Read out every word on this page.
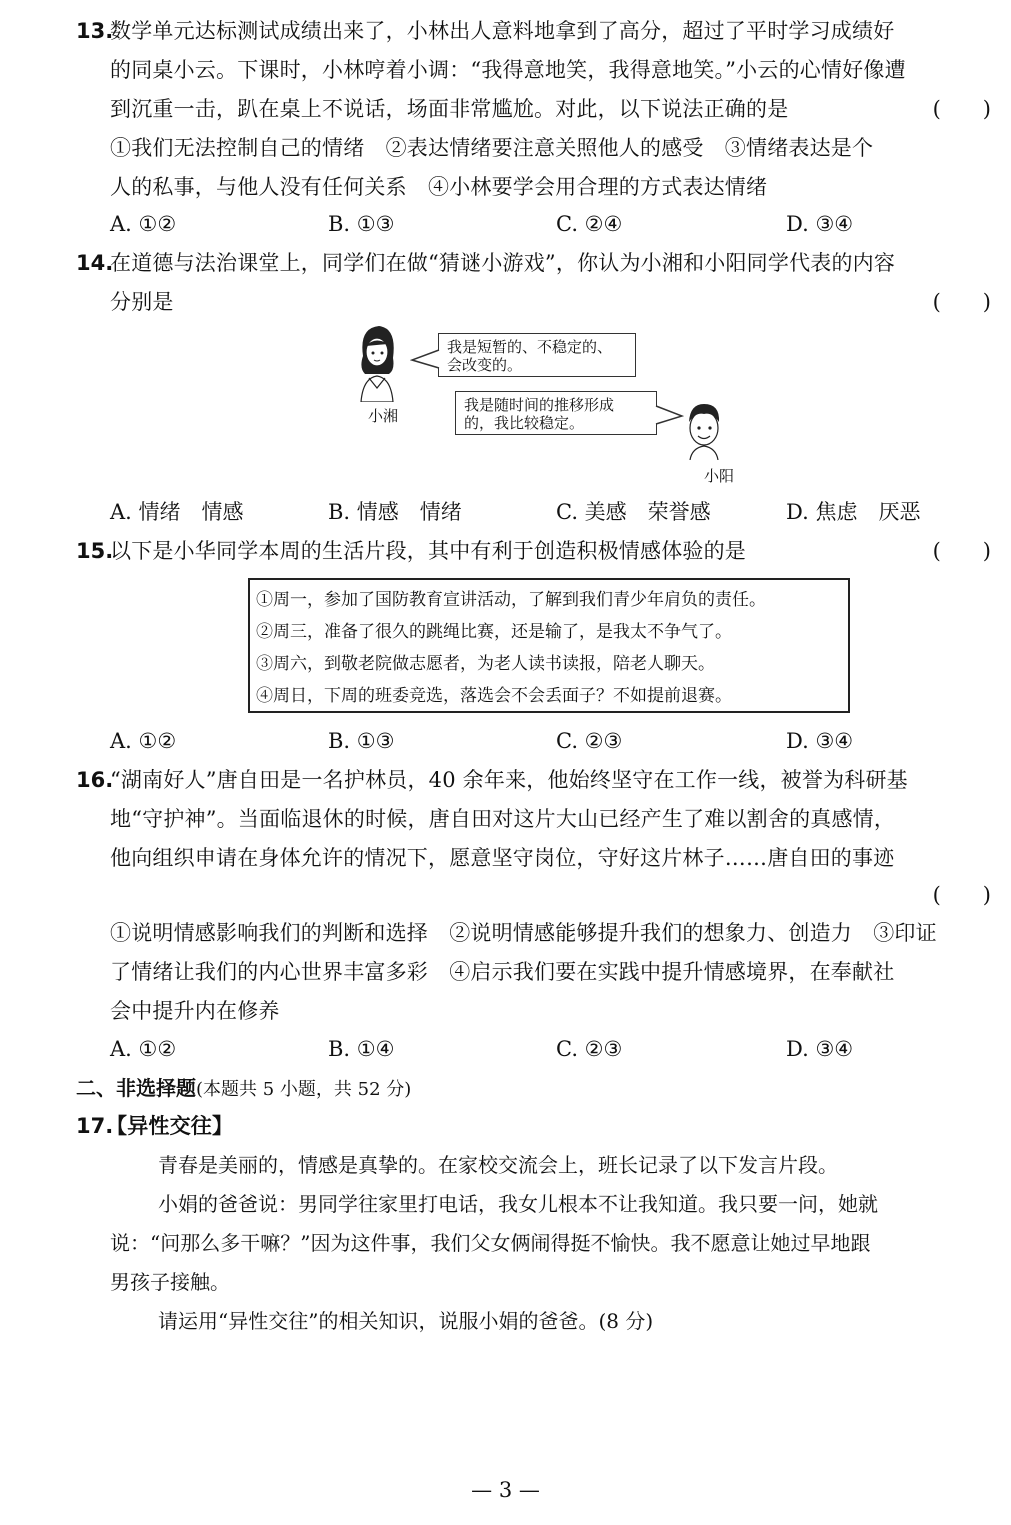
13.
数学单元达标测试成绩出来了，小林出人意料地拿到了高分，超过了平时学习成绩好
的同桌小云。下课时，小林哼着小调：“我得意地笑，我得意地笑。”小云的心情好像遭
到沉重一击，趴在桌上不说话，场面非常尴尬。对此，以下说法正确的是	(　　)
①我们无法控制自己的情绪　②表达情绪要注意关照他人的感受　③情绪表达是个
人的私事，与他人没有任何关系　④小林要学会用合理的方式表达情绪
A. ①②	B. ①③	C. ②④	D. ③④
14.
在道德与法治课堂上，同学们在做“猜谜小游戏”，你认为小湘和小阳同学代表的内容
分别是	(　　)
我是短暂的、不稳定的、
会改变的。
小湘
我是随时间的推移形成
的，我比较稳定。
小阳
A. 情绪　情感	B. 情感　情绪	C. 美感　荣誉感	D. 焦虑　厌恶
15.
以下是小华同学本周的生活片段，其中有利于创造积极情感体验的是	(　　)
①周一，参加了国防教育宣讲活动，了解到我们青少年肩负的责任。
②周三，准备了很久的跳绳比赛，还是输了，是我太不争气了。
③周六，到敬老院做志愿者，为老人读书读报，陪老人聊天。
④周日，下周的班委竞选，落选会不会丢面子？不如提前退赛。
A. ①②	B. ①③	C. ②③	D. ③④
16.
“湖南好人”唐自田是一名护林员，40 余年来，他始终坚守在工作一线，被誉为科研基
地“守护神”。当面临退休的时候，唐自田对这片大山已经产生了难以割舍的真感情，
他向组织申请在身体允许的情况下，愿意坚守岗位，守好这片林子……唐自田的事迹
(　　)
①说明情感影响我们的判断和选择　②说明情感能够提升我们的想象力、创造力　③印证
了情绪让我们的内心世界丰富多彩　④启示我们要在实践中提升情感境界，在奉献社
会中提升内在修养
A. ①②	B. ①④	C. ②③	D. ③④
二、非选择题(本题共 5 小题，共 52 分)
17.
【异性交往】
青春是美丽的，情感是真挚的。在家校交流会上，班长记录了以下发言片段。
小娟的爸爸说：男同学往家里打电话，我女儿根本不让我知道。我只要一问，她就
说：“问那么多干嘛？”因为这件事，我们父女俩闹得挺不愉快。我不愿意让她过早地跟
男孩子接触。
请运用“异性交往”的相关知识，说服小娟的爸爸。(8 分)
— 3 —
